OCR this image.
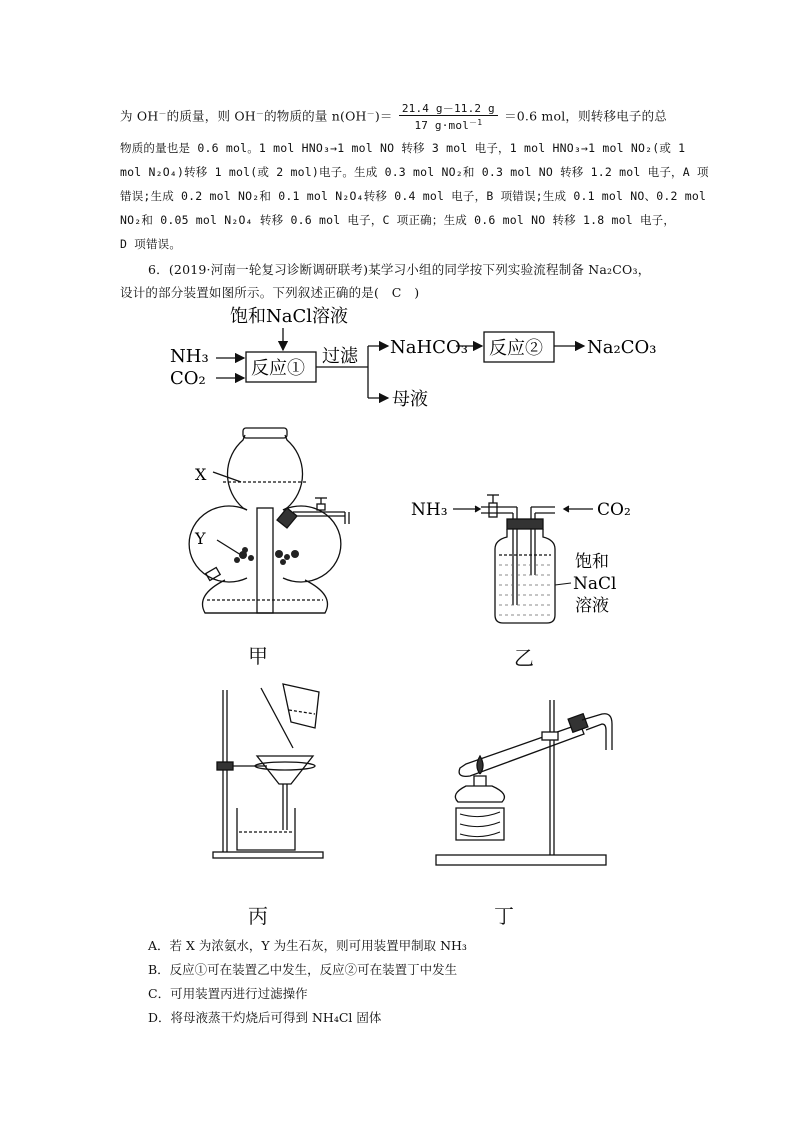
为 OH－的质量，则 OH－的物质的量 $n(OH^-)= \frac{21.4 g-11.2 g}{17 g\cdot mol^{-1}} =0.6$ mol，则转移电子的总
物质的量也是 0.6 mol。1 mol HNO₃→1 mol NO 转移 3 mol 电子，1 mol HNO₃→1 mol NO₂(或 1
mol N₂O₄)转移 1 mol(或 2 mol)电子。生成 0.3 mol NO₂和 0.3 mol NO 转移 1.2 mol 电子，A 项
错误;生成 0.2 mol NO₂和 0.1 mol N₂O₄转移 0.4 mol 电子，B 项错误;生成 0.1 mol NO、0.2 mol
NO₂和 0.05 mol N₂O₄ 转移 0.6 mol 电子，C 项正确；生成 0.6 mol NO 转移 1.8 mol 电子，
D 项错误。
6．(2019·河南一轮复习诊断调研联考)某学习小组的同学按下列实验流程制备 Na₂CO₃，
设计的部分装置如图所示。下列叙述正确的是(　C　)
饱和NaCl溶液
NH₃
CO₂	反应①
过滤 NaHCO₃ 反应② Na₂CO₃
母液
X
Y
甲
NH₃	CO₂
饱和
NaCl
溶液
乙
丙	丁
A．若 X 为浓氨水，Y 为生石灰，则可用装置甲制取 NH₃
B．反应①可在装置乙中发生，反应②可在装置丁中发生
C．可用装置丙进行过滤操作
D．将母液蒸干灼烧后可得到 NH₄Cl 固体
